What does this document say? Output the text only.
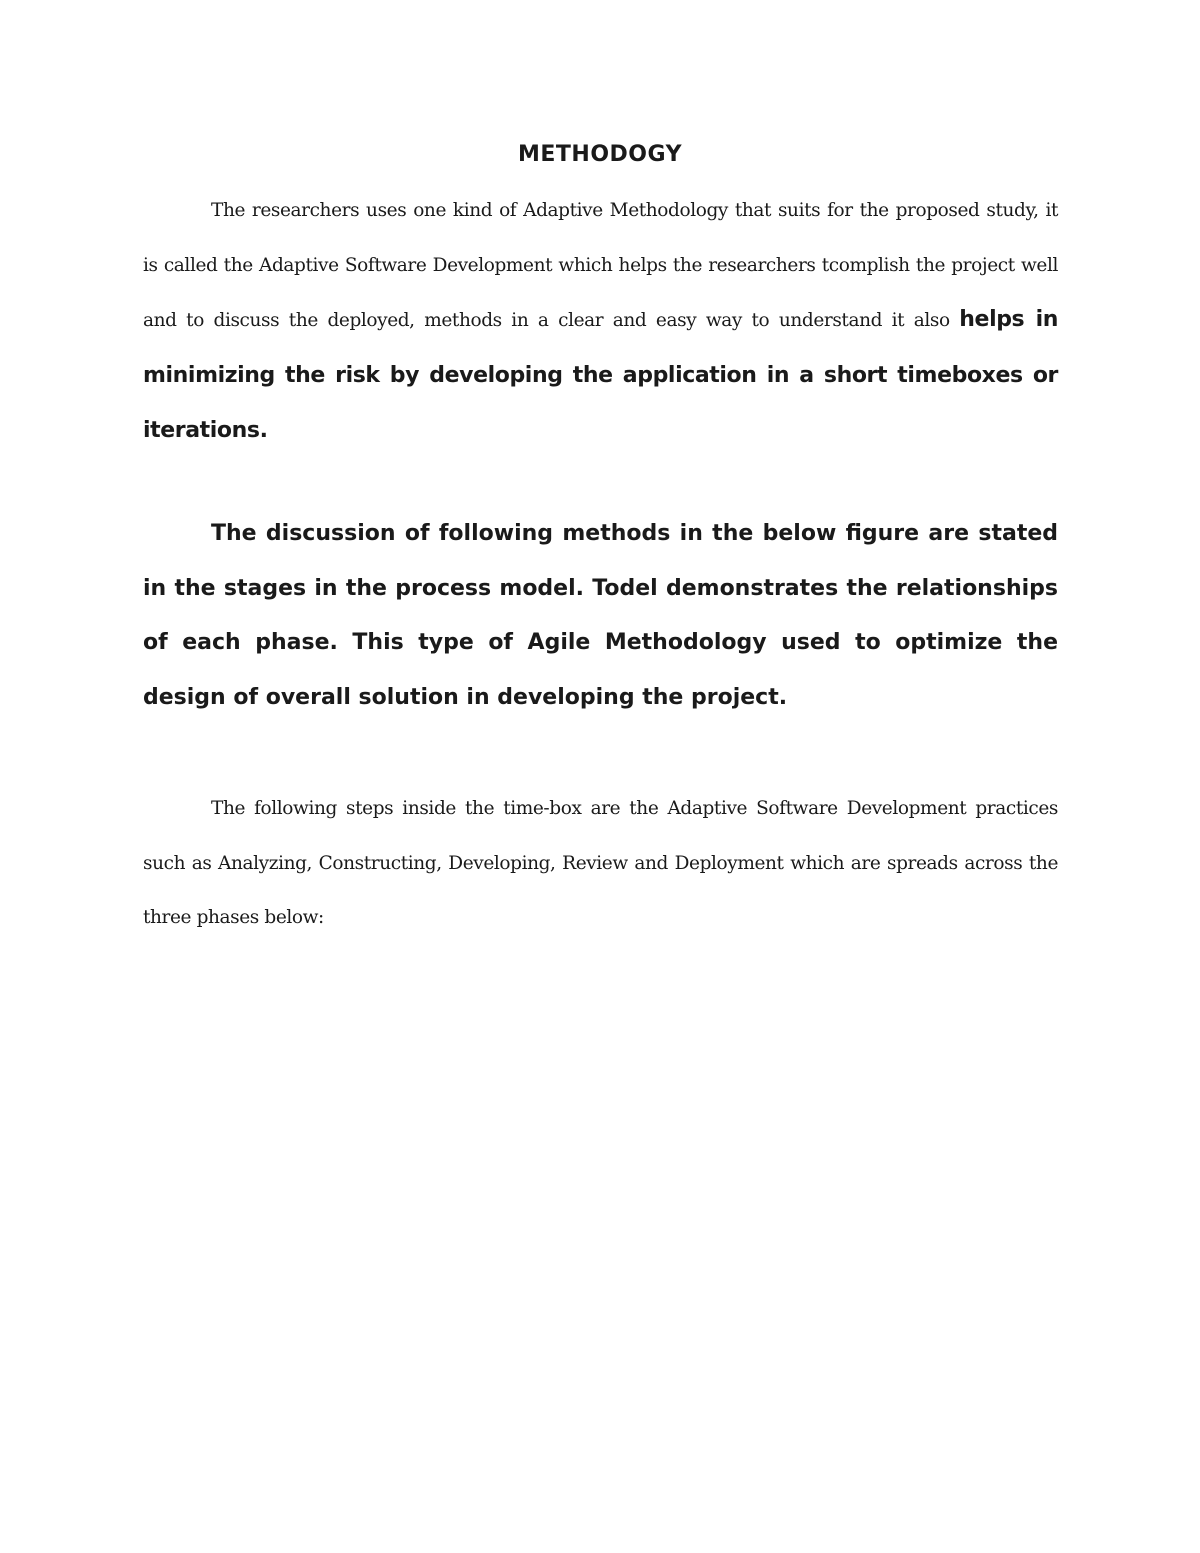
METHODOGY

The researchers uses one kind of Adaptive Methodology that suits for the proposed study, it is called the Adaptive Software Development which helps the researchers tcomplish the project well and to discuss the deployed, methods in a clear and easy way to understand it also helps in minimizing the risk by developing the application in a short timeboxes or iterations.

The discussion of following methods in the below figure are stated in the stages in the process model. Todel demonstrates the relationships of each phase. This type of Agile Methodology used to optimize the design of overall solution in developing the project.

The following steps inside the time-box are the Adaptive Software Development practices such as Analyzing, Constructing, Developing, Review and Deployment which are spreads across the three phases below:
